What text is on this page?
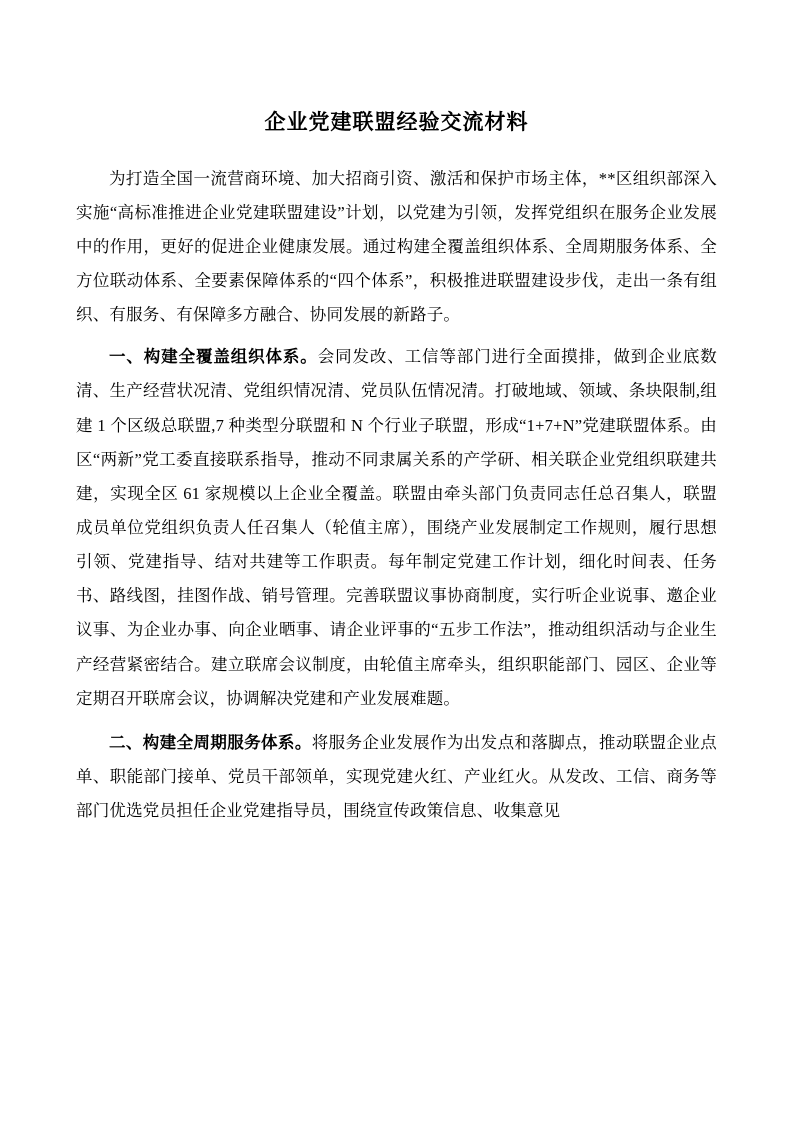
企业党建联盟经验交流材料

为打造全国一流营商环境、加大招商引资、激活和保护市场主体，**区组织部深入实施“高标准推进企业党建联盟建设”计划，以党建为引领，发挥党组织在服务企业发展中的作用，更好的促进企业健康发展。通过构建全覆盖组织体系、全周期服务体系、全方位联动体系、全要素保障体系的“四个体系”，积极推进联盟建设步伐，走出一条有组织、有服务、有保障多方融合、协同发展的新路子。

一、构建全覆盖组织体系。会同发改、工信等部门进行全面摸排，做到企业底数清、生产经营状况清、党组织情况清、党员队伍情况清。打破地域、领域、条块限制,组建 1 个区级总联盟,7 种类型分联盟和 N 个行业子联盟，形成“1+7+N”党建联盟体系。由区“两新”党工委直接联系指导，推动不同隶属关系的产学研、相关联企业党组织联建共建，实现全区 61 家规模以上企业全覆盖。联盟由牵头部门负责同志任总召集人，联盟成员单位党组织负责人任召集人（轮值主席），围绕产业发展制定工作规则，履行思想引领、党建指导、结对共建等工作职责。每年制定党建工作计划，细化时间表、任务书、路线图，挂图作战、销号管理。完善联盟议事协商制度，实行听企业说事、邀企业议事、为企业办事、向企业晒事、请企业评事的“五步工作法”，推动组织活动与企业生产经营紧密结合。建立联席会议制度，由轮值主席牵头，组织职能部门、园区、企业等定期召开联席会议，协调解决党建和产业发展难题。

二、构建全周期服务体系。将服务企业发展作为出发点和落脚点，推动联盟企业点单、职能部门接单、党员干部领单，实现党建火红、产业红火。从发改、工信、商务等部门优选党员担任企业党建指导员，围绕宣传政策信息、收集意见
